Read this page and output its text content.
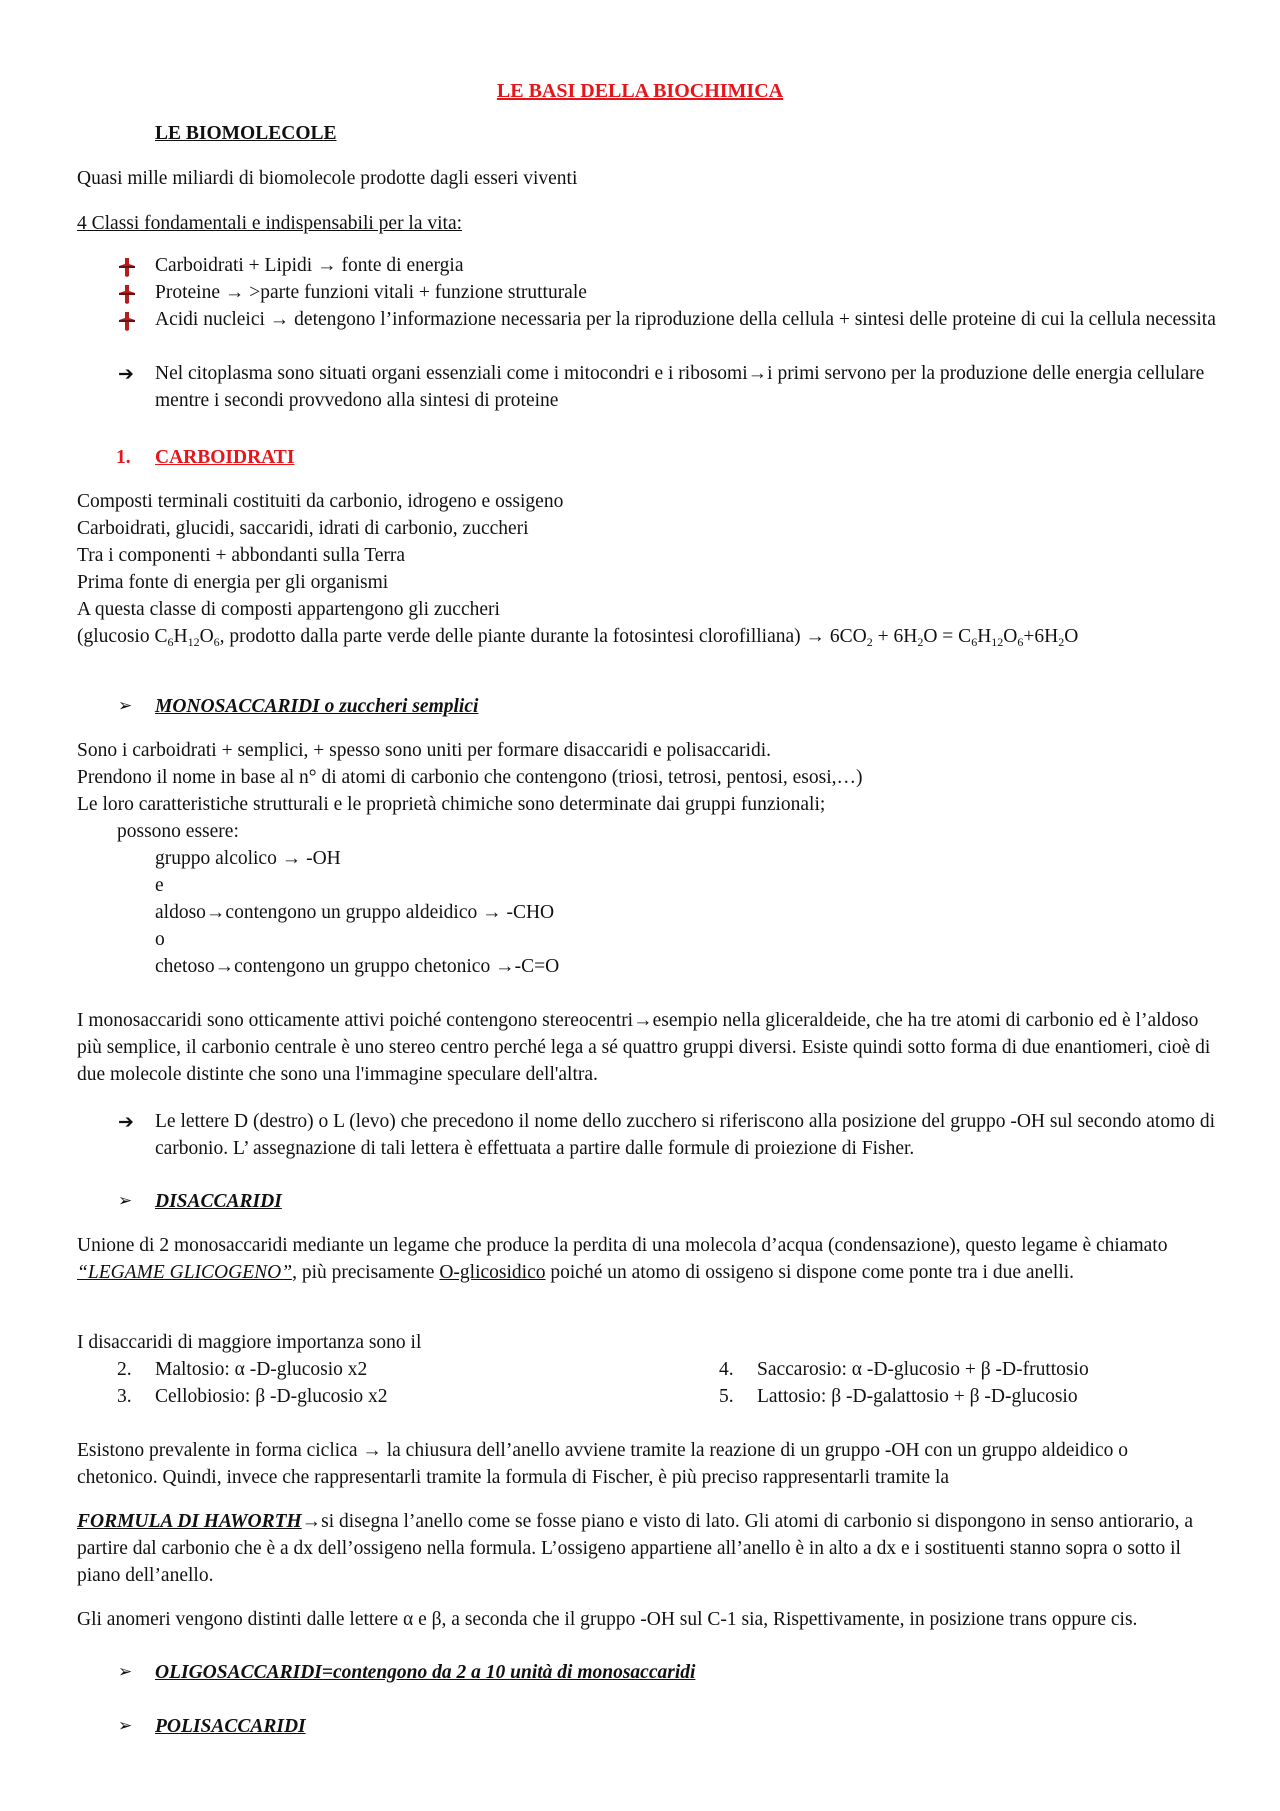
LE BASI DELLA BIOCHIMICA
LE BIOMOLECOLE
Quasi mille miliardi di biomolecole prodotte dagli esseri viventi
4 Classi fondamentali e indispensabili per la vita:
Carboidrati + Lipidi → fonte di energia
Proteine → >parte funzioni vitali + funzione strutturale
Acidi nucleici → detengono l’informazione necessaria per la riproduzione della cellula + sintesi delle proteine di cui la cellula necessita
➔ Nel citoplasma sono situati organi essenziali come i mitocondri e i ribosomi→i primi servono per la produzione delle energia cellulare mentre i secondi provvedono alla sintesi di proteine
1. CARBOIDRATI
Composti terminali costituiti da carbonio, idrogeno e ossigeno
Carboidrati, glucidi, saccaridi, idrati di carbonio, zuccheri
Tra i componenti + abbondanti sulla Terra
Prima fonte di energia per gli organismi
A questa classe di composti appartengono gli zuccheri
(glucosio $C_6H_{12}O_6$, prodotto dalla parte verde delle piante durante la fotosintesi clorofilliana) → $6CO_2 + 6H_2O = C_6H_{12}O_6+6H_2O$
➢ MONOSACCARIDI o zuccheri semplici
Sono i carboidrati + semplici, + spesso sono uniti per formare disaccaridi e polisaccaridi.
Prendono il nome in base al n° di atomi di carbonio che contengono (triosi, tetrosi, pentosi, esosi,…)
Le loro caratteristiche strutturali e le proprietà chimiche sono determinate dai gruppi funzionali;
possono essere:
gruppo alcolico → -OH
e
aldoso→contengono un gruppo aldeidico → -CHO
o
chetoso→contengono un gruppo chetonico →-C=O
I monosaccaridi sono otticamente attivi poiché contengono stereocentri→esempio nella gliceraldeide, che ha tre atomi di carbonio ed è l’aldoso più semplice, il carbonio centrale è uno stereo centro perché lega a sé quattro gruppi diversi. Esiste quindi sotto forma di due enantiomeri, cioè di due molecole distinte che sono una l'immagine speculare dell'altra.
➔ Le lettere D (destro) o L (levo) che precedono il nome dello zucchero si riferiscono alla posizione del gruppo -OH sul secondo atomo di carbonio. L’ assegnazione di tali lettera è effettuata a partire dalle formule di proiezione di Fisher.
➢ DISACCARIDI
Unione di 2 monosaccaridi mediante un legame che produce la perdita di una molecola d’acqua (condensazione), questo legame è chiamato “LEGAME GLICOGENO”, più precisamente O-glicosidico poiché un atomo di ossigeno si dispone come ponte tra i due anelli.
I disaccaridi di maggiore importanza sono il
2. Maltosio: α -D-glucosio x2
3. Cellobiosio: β -D-glucosio x2
4. Saccarosio: α -D-glucosio + β -D-fruttosio
5. Lattosio: β -D-galattosio + β -D-glucosio
Esistono prevalente in forma ciclica → la chiusura dell’anello avviene tramite la reazione di un gruppo -OH con un gruppo aldeidico o chetonico. Quindi, invece che rappresentarli tramite la formula di Fischer, è più preciso rappresentarli tramite la
FORMULA DI HAWORTH→si disegna l’anello come se fosse piano e visto di lato. Gli atomi di carbonio si dispongono in senso antiorario, a partire dal carbonio che è a dx dell’ossigeno nella formula. L’ossigeno appartiene all’anello è in alto a dx e i sostituenti stanno sopra o sotto il piano dell’anello.
Gli anomeri vengono distinti dalle lettere α e β, a seconda che il gruppo -OH sul C-1 sia, Rispettivamente, in posizione trans oppure cis.
➢ OLIGOSACCARIDI=contengono da 2 a 10 unità di monosaccaridi
➢ POLISACCARIDI
